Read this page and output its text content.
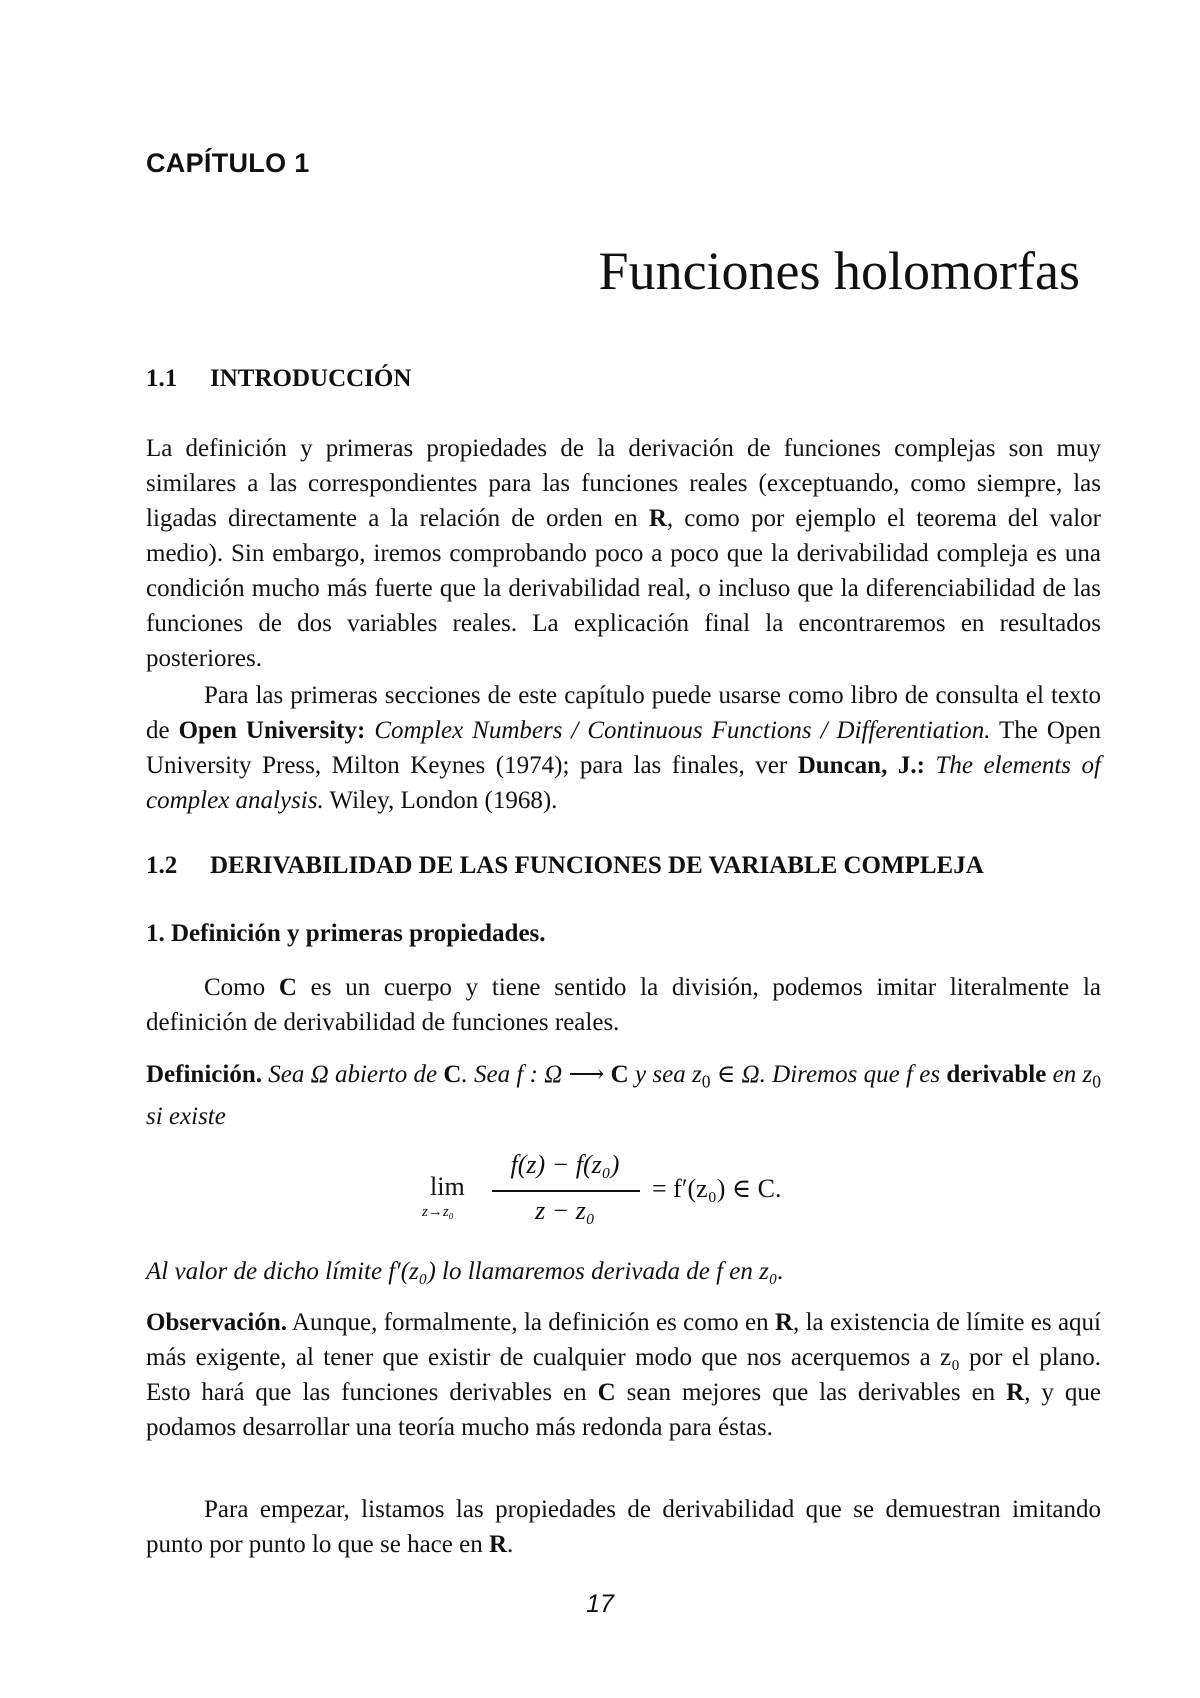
CAPÍTULO 1
Funciones holomorfas
1.1 INTRODUCCIÓN

La definición y primeras propiedades de la derivación de funciones complejas son muy similares a las correspondientes para las funciones reales (exceptuando, como siempre, las ligadas directamente a la relación de orden en R, como por ejemplo el teorema del valor medio). Sin embargo, iremos comprobando poco a poco que la derivabilidad compleja es una condición mucho más fuerte que la derivabilidad real, o incluso que la diferenciabilidad de las funciones de dos variables reales. La explicación final la encontraremos en resultados posteriores.

Para las primeras secciones de este capítulo puede usarse como libro de consulta el texto de Open University: Complex Numbers / Continuous Functions / Differentiation. The Open University Press, Milton Keynes (1974); para las finales, ver Duncan, J.: The elements of complex analysis. Wiley, London (1968).

1.2 DERIVABILIDAD DE LAS FUNCIONES DE VARIABLE COMPLEJA
1. Definición y primeras propiedades.

Como C es un cuerpo y tiene sentido la división, podemos imitar literalmente la definición de derivabilidad de funciones reales.

Definición. Sea Ω abierto de C. Sea f : Ω ⟶ C y sea $z_0$ ∈ Ω. Diremos que f es derivable en $z_0$ si existe

lim
z→z₀
f(z) − f(z₀)
z − z₀
= f′(z₀) ∈ C.

Al valor de dicho límite f′(z₀) lo llamaremos derivada de f en z₀.

Observación. Aunque, formalmente, la definición es como en R, la existencia de límite es aquí más exigente, al tener que existir de cualquier modo que nos acerquemos a z₀ por el plano. Esto hará que las funciones derivables en C sean mejores que las derivables en R, y que podamos desarrollar una teoría mucho más redonda para éstas.

Para empezar, listamos las propiedades de derivabilidad que se demuestran imitando punto por punto lo que se hace en R.

17
